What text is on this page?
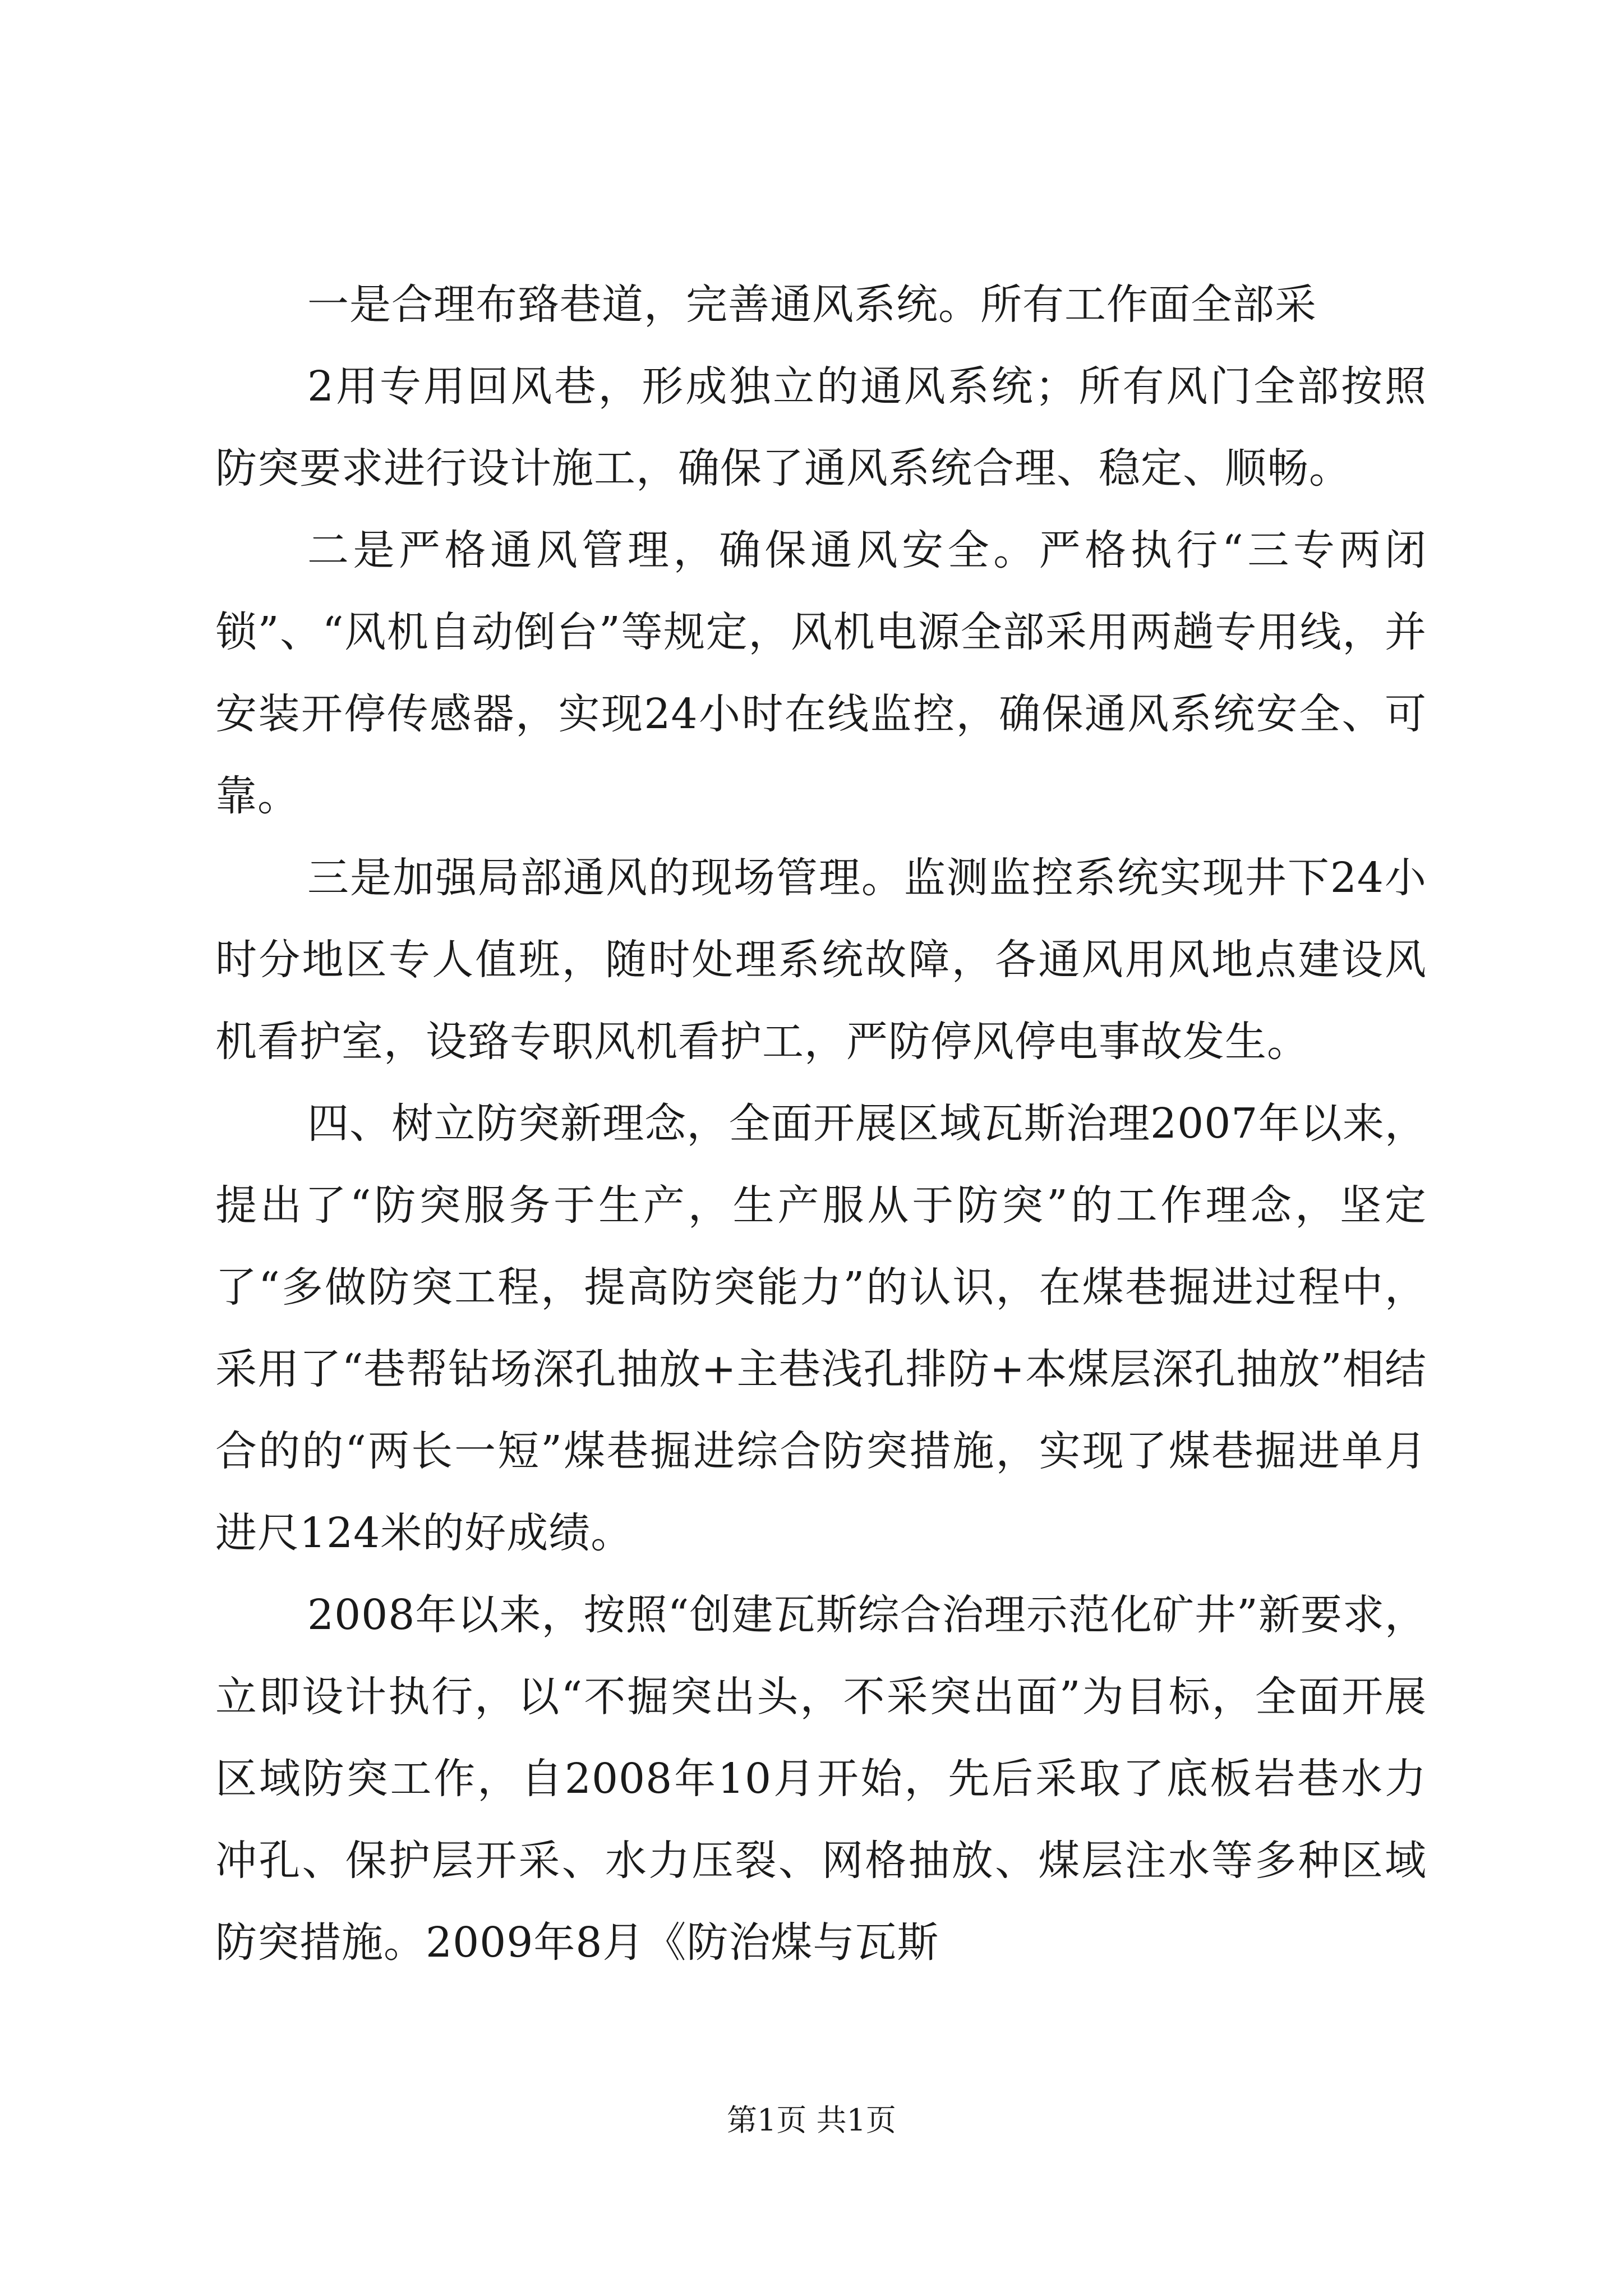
一是合理布臵巷道，完善通风系统。所有工作面全部采

2用专用回风巷，形成独立的通风系统；所有风门全部按照防突要求进行设计施工，确保了通风系统合理、稳定、顺畅。

二是严格通风管理，确保通风安全。严格执行“三专两闭锁”、“风机自动倒台”等规定，风机电源全部采用两趟专用线，并安装开停传感器，实现24小时在线监控，确保通风系统安全、可靠。

三是加强局部通风的现场管理。监测监控系统实现井下24小时分地区专人值班，随时处理系统故障，各通风用风地点建设风机看护室，设臵专职风机看护工，严防停风停电事故发生。

四、树立防突新理念，全面开展区域瓦斯治理2007年以来，提出了“防突服务于生产，生产服从于防突”的工作理念，坚定了“多做防突工程，提高防突能力”的认识，在煤巷掘进过程中，采用了“巷帮钻场深孔抽放+主巷浅孔排防+本煤层深孔抽放”相结合的的“两长一短”煤巷掘进综合防突措施，实现了煤巷掘进单月进尺124米的好成绩。

2008年以来，按照“创建瓦斯综合治理示范化矿井”新要求，立即设计执行，以“不掘突出头，不采突出面”为目标，全面开展区域防突工作，自2008年10月开始，先后采取了底板岩巷水力冲孔、保护层开采、水力压裂、网格抽放、煤层注水等多种区域防突措施。2009年8月《防治煤与瓦斯

第1页 共1页
